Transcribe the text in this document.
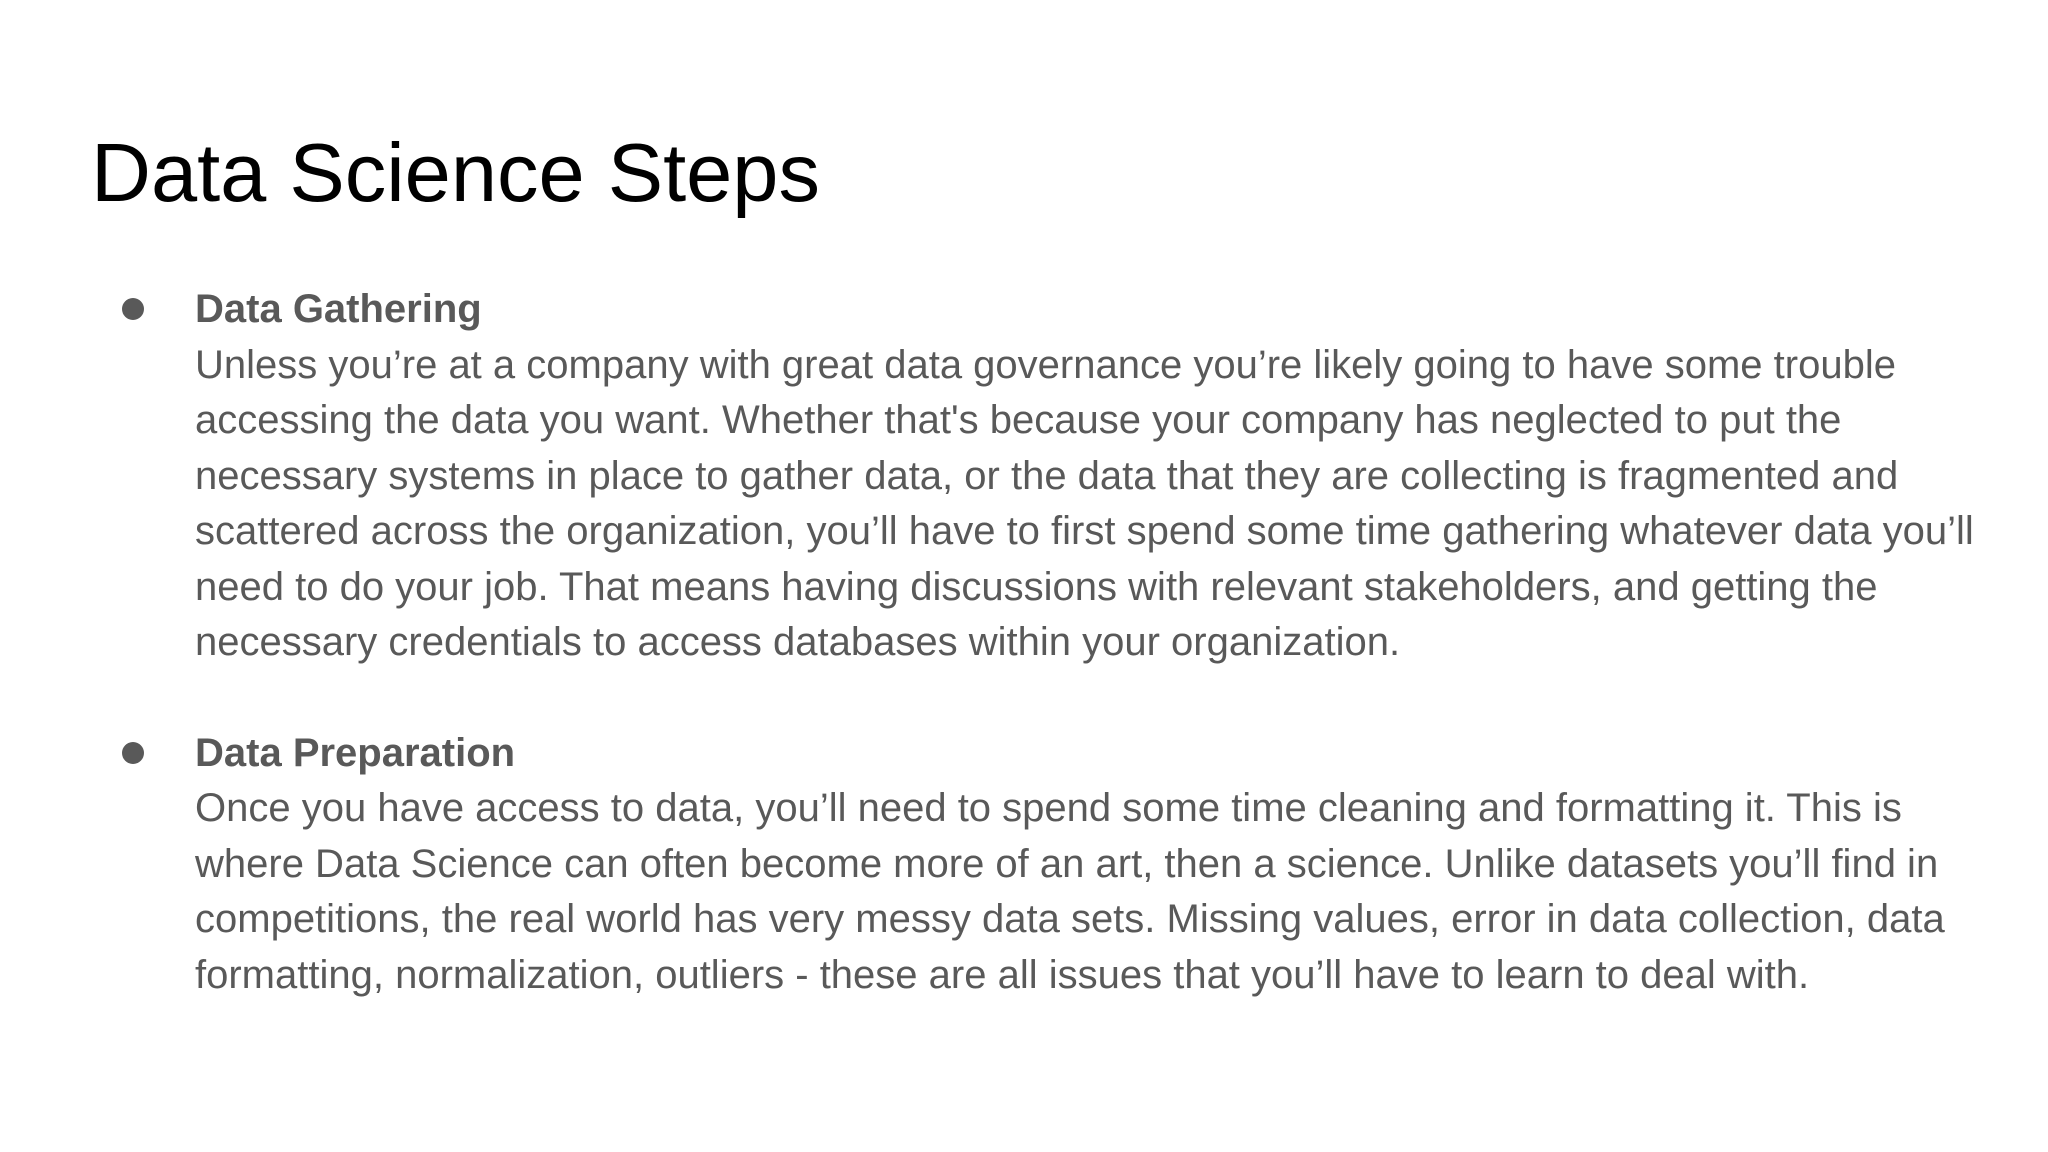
Data Science Steps
Data Gathering
Unless you’re at a company with great data governance you’re likely going to have some trouble
accessing the data you want. Whether that's because your company has neglected to put the
necessary systems in place to gather data, or the data that they are collecting is fragmented and
scattered across the organization, you’ll have to first spend some time gathering whatever data you’ll
need to do your job. That means having discussions with relevant stakeholders, and getting the
necessary credentials to access databases within your organization.
Data Preparation
Once you have access to data, you’ll need to spend some time cleaning and formatting it. This is
where Data Science can often become more of an art, then a science. Unlike datasets you’ll find in
competitions, the real world has very messy data sets. Missing values, error in data collection, data
formatting, normalization, outliers - these are all issues that you’ll have to learn to deal with.
